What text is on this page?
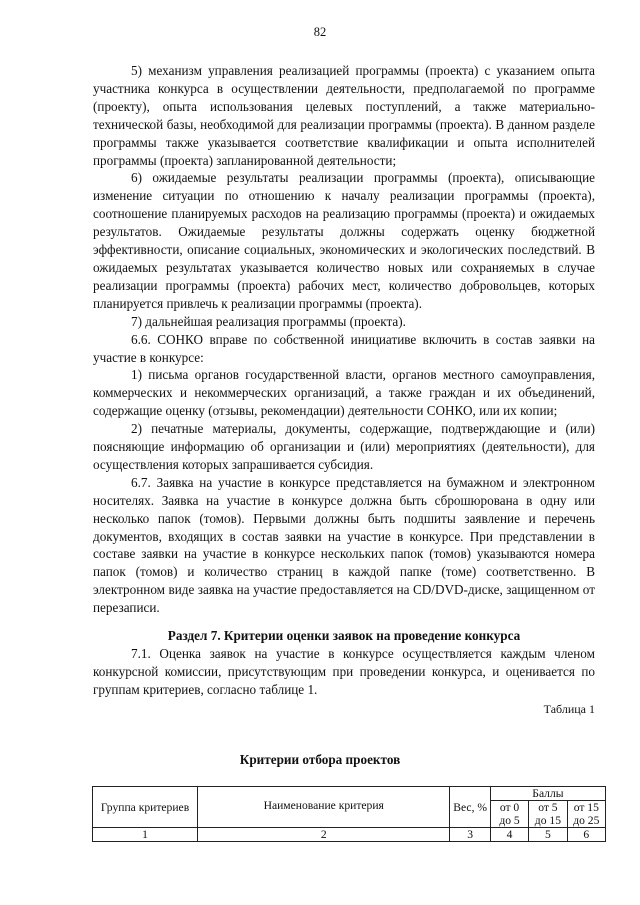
82

5) механизм управления реализацией программы (проекта) с указанием опыта участника конкурса в осуществлении деятельности, предполагаемой по программе (проекту), опыта использования целевых поступлений, а также материально-технической базы, необходимой для реализации программы (проекта). В данном разделе программы также указывается соответствие квалификации и опыта исполнителей программы (проекта) запланированной деятельности;

6) ожидаемые результаты реализации программы (проекта), описывающие изменение ситуации по отношению к началу реализации программы (проекта), соотношение планируемых расходов на реализацию программы (проекта) и ожидаемых результатов. Ожидаемые результаты должны содержать оценку бюджетной эффективности, описание социальных, экономических и экологических последствий. В ожидаемых результатах указывается количество новых или сохраняемых в случае реализации программы (проекта) рабочих мест, количество добровольцев, которых планируется привлечь к реализации программы (проекта).

7) дальнейшая реализация программы (проекта).

6.6. СОНКО вправе по собственной инициативе включить в состав заявки на участие в конкурсе:

1) письма органов государственной власти, органов местного самоуправления, коммерческих и некоммерческих организаций, а также граждан и их объединений, содержащие оценку (отзывы, рекомендации) деятельности СОНКО, или их копии;

2) печатные материалы, документы, содержащие, подтверждающие и (или) поясняющие информацию об организации и (или) мероприятиях (деятельности), для осуществления которых запрашивается субсидия.

6.7. Заявка на участие в конкурсе представляется на бумажном и электронном носителях. Заявка на участие в конкурсе должна быть сброшюрована в одну или несколько папок (томов). Первыми должны быть подшиты заявление и перечень документов, входящих в состав заявки на участие в конкурсе. При представлении в составе заявки на участие в конкурсе нескольких папок (томов) указываются номера папок (томов) и количество страниц в каждой папке (томе) соответственно. В электронном виде заявка на участие предоставляется на CD/DVD-диске, защищенном от перезаписи.

Раздел 7. Критерии оценки заявок на проведение конкурса

7.1. Оценка заявок на участие в конкурсе осуществляется каждым членом конкурсной комиссии, присутствующим при проведении конкурса, и оценивается по группам критериев, согласно таблице 1.

Таблица 1

Критерии отбора проектов
Группа критериев	Наименование критерия	Вес, %	Баллы		
			от 0 до 5	от 5 до 15	от 15 до 25
1	2	3	4	5	6
